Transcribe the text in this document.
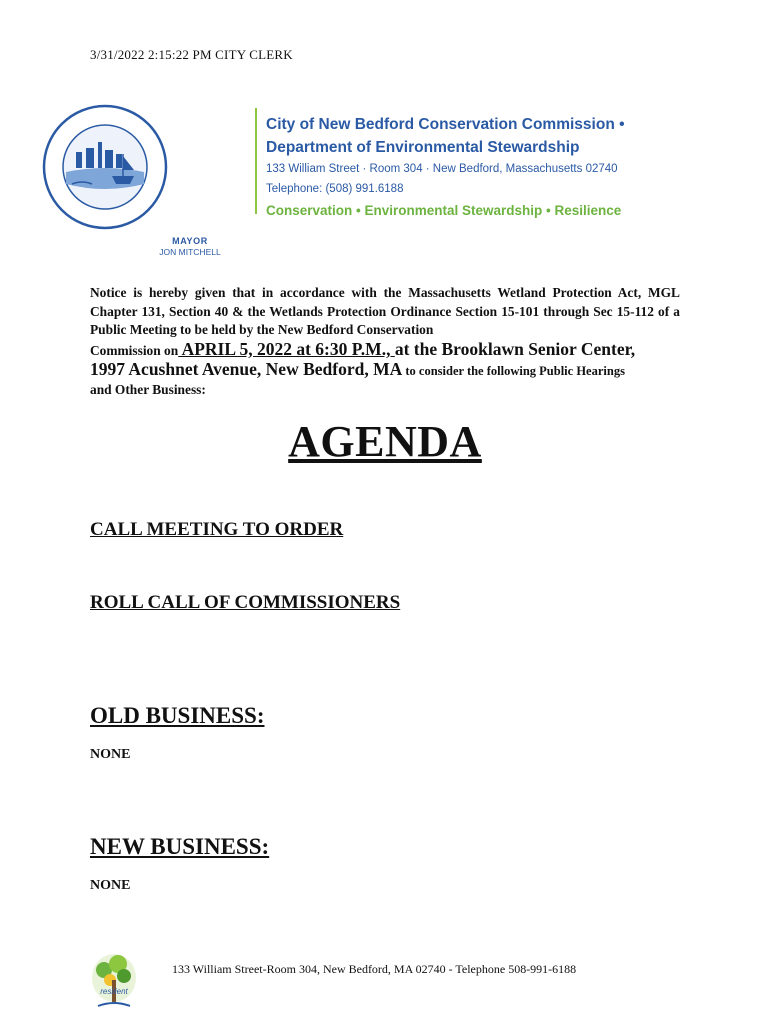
3/31/2022 2:15:22 PM CITY CLERK
MAYOR
JON MITCHELL
City of New Bedford Conservation Commission •
Department of Environmental Stewardship
133 William Street · Room 304 · New Bedford, Massachusetts 02740
Telephone: (508) 991.6188
Conservation • Environmental Stewardship • Resilience
Notice is hereby given that in accordance with the Massachusetts Wetland Protection Act, MGL Chapter 131, Section 40 & the Wetlands Protection Ordinance Section 15-101 through Sec 15-112 of a Public Meeting to be held by the New Bedford Conservation
Commission on APRIL 5, 2022 at 6:30 P.M., at the Brooklawn Senior Center,
1997 Acushnet Avenue, New Bedford, MA to consider the following Public Hearings
and Other Business:
AGENDA
CALL MEETING TO ORDER
ROLL CALL OF COMMISSIONERS
OLD BUSINESS:
NONE
NEW BUSINESS:
NONE
resilient
133 William Street-Room 304, New Bedford, MA 02740 - Telephone 508-991-6188
